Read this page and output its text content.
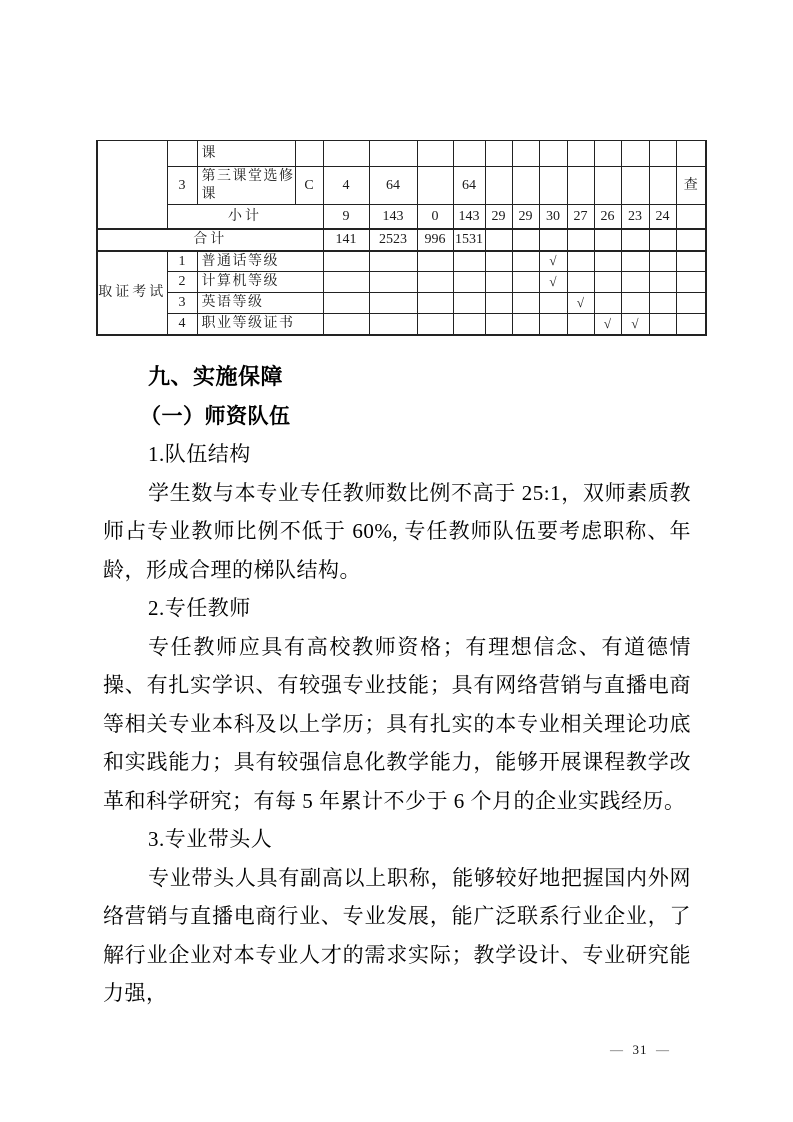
		课													
	3	第三课堂选修课	C	4	64		64								查
	小计			9	143	0	143	29	29	30	27	26	23	24	
合计				141	2523	996	1531								
取证考试	1	普通话等级								√					
	2	计算机等级								√					
	3	英语等级									√				
	4	职业等级证书										√	√		
九、实施保障
（一）师资队伍
1.队伍结构
学生数与本专业专任教师数比例不高于 25:1，双师素质教师占专业教师比例不低于 60%, 专任教师队伍要考虑职称、年龄，形成合理的梯队结构。
2.专任教师
专任教师应具有高校教师资格；有理想信念、有道德情操、有扎实学识、有较强专业技能；具有网络营销与直播电商等相关专业本科及以上学历；具有扎实的本专业相关理论功底和实践能力；具有较强信息化教学能力，能够开展课程教学改革和科学研究；有每 5 年累计不少于 6 个月的企业实践经历。
3.专业带头人
专业带头人具有副高以上职称，能够较好地把握国内外网络营销与直播电商行业、专业发展，能广泛联系行业企业，了解行业企业对本专业人才的需求实际；教学设计、专业研究能力强，
— 31 —
